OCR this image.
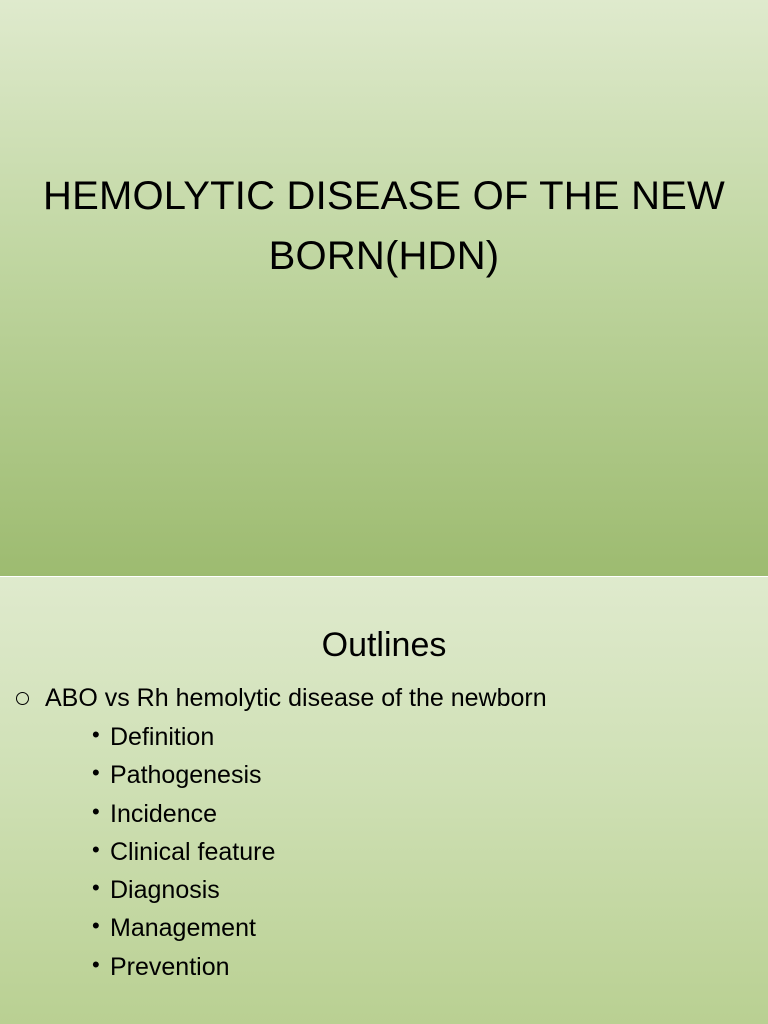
HEMOLYTIC DISEASE OF THE NEW
BORN(HDN)
Outlines
ABO vs Rh hemolytic disease of the newborn
• Definition
• Pathogenesis
• Incidence
• Clinical feature
• Diagnosis
• Management
• Prevention
